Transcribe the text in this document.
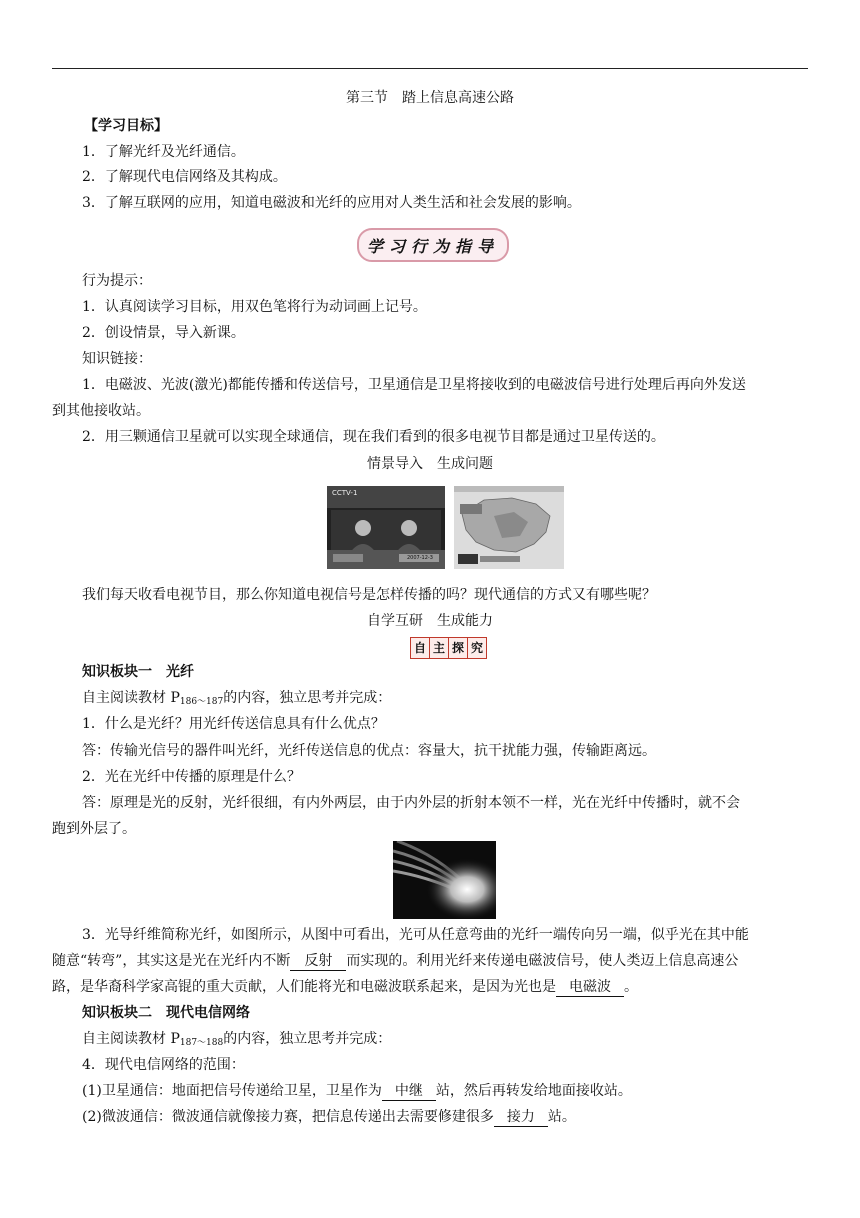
第三节　踏上信息高速公路
【学习目标】
1．了解光纤及光纤通信。
2．了解现代电信网络及其构成。
3．了解互联网的应用，知道电磁波和光纤的应用对人类生活和社会发展的影响。
学习行为指导
行为提示：
1．认真阅读学习目标，用双色笔将行为动词画上记号。
2．创设情景，导入新课。
知识链接：
1．电磁波、光波(激光)都能传播和传送信号，卫星通信是卫星将接收到的电磁波信号进行处理后再向外发送
到其他接收站。
2．用三颗通信卫星就可以实现全球通信，现在我们看到的很多电视节目都是通过卫星传送的。
情景导入　生成问题
CCTV-1
2007-12-3
我们每天收看电视节目，那么你知道电视信号是怎样传播的吗？现代通信的方式又有哪些呢？
自学互研　生成能力
自 主 探 究
知识板块一　光纤
自主阅读教材 $P_{186\sim 187}$的内容，独立思考并完成：
1．什么是光纤？用光纤传送信息具有什么优点？
答：传输光信号的器件叫光纤，光纤传送信息的优点：容量大，抗干扰能力强，传输距离远。
2．光在光纤中传播的原理是什么？
答：原理是光的反射，光纤很细，有内外两层，由于内外层的折射本领不一样，光在光纤中传播时，就不会
跑到外层了。
3．光导纤维简称光纤，如图所示，从图中可看出，光可从任意弯曲的光纤一端传向另一端，似乎光在其中能
随意“转弯”，其实这是光在光纤内不断 反射 而实现的。利用光纤来传递电磁波信号，使人类迈上信息高速公
路，是华裔科学家高锟的重大贡献，人们能将光和电磁波联系起来，是因为光也是 电磁波 。
知识板块二　现代电信网络
自主阅读教材 $P_{187\sim 188}$的内容，独立思考并完成：
4．现代电信网络的范围：
(1)卫星通信：地面把信号传递给卫星，卫星作为 中继 站，然后再转发给地面接收站。
(2)微波通信：微波通信就像接力赛，把信息传递出去需要修建很多 接力 站。
